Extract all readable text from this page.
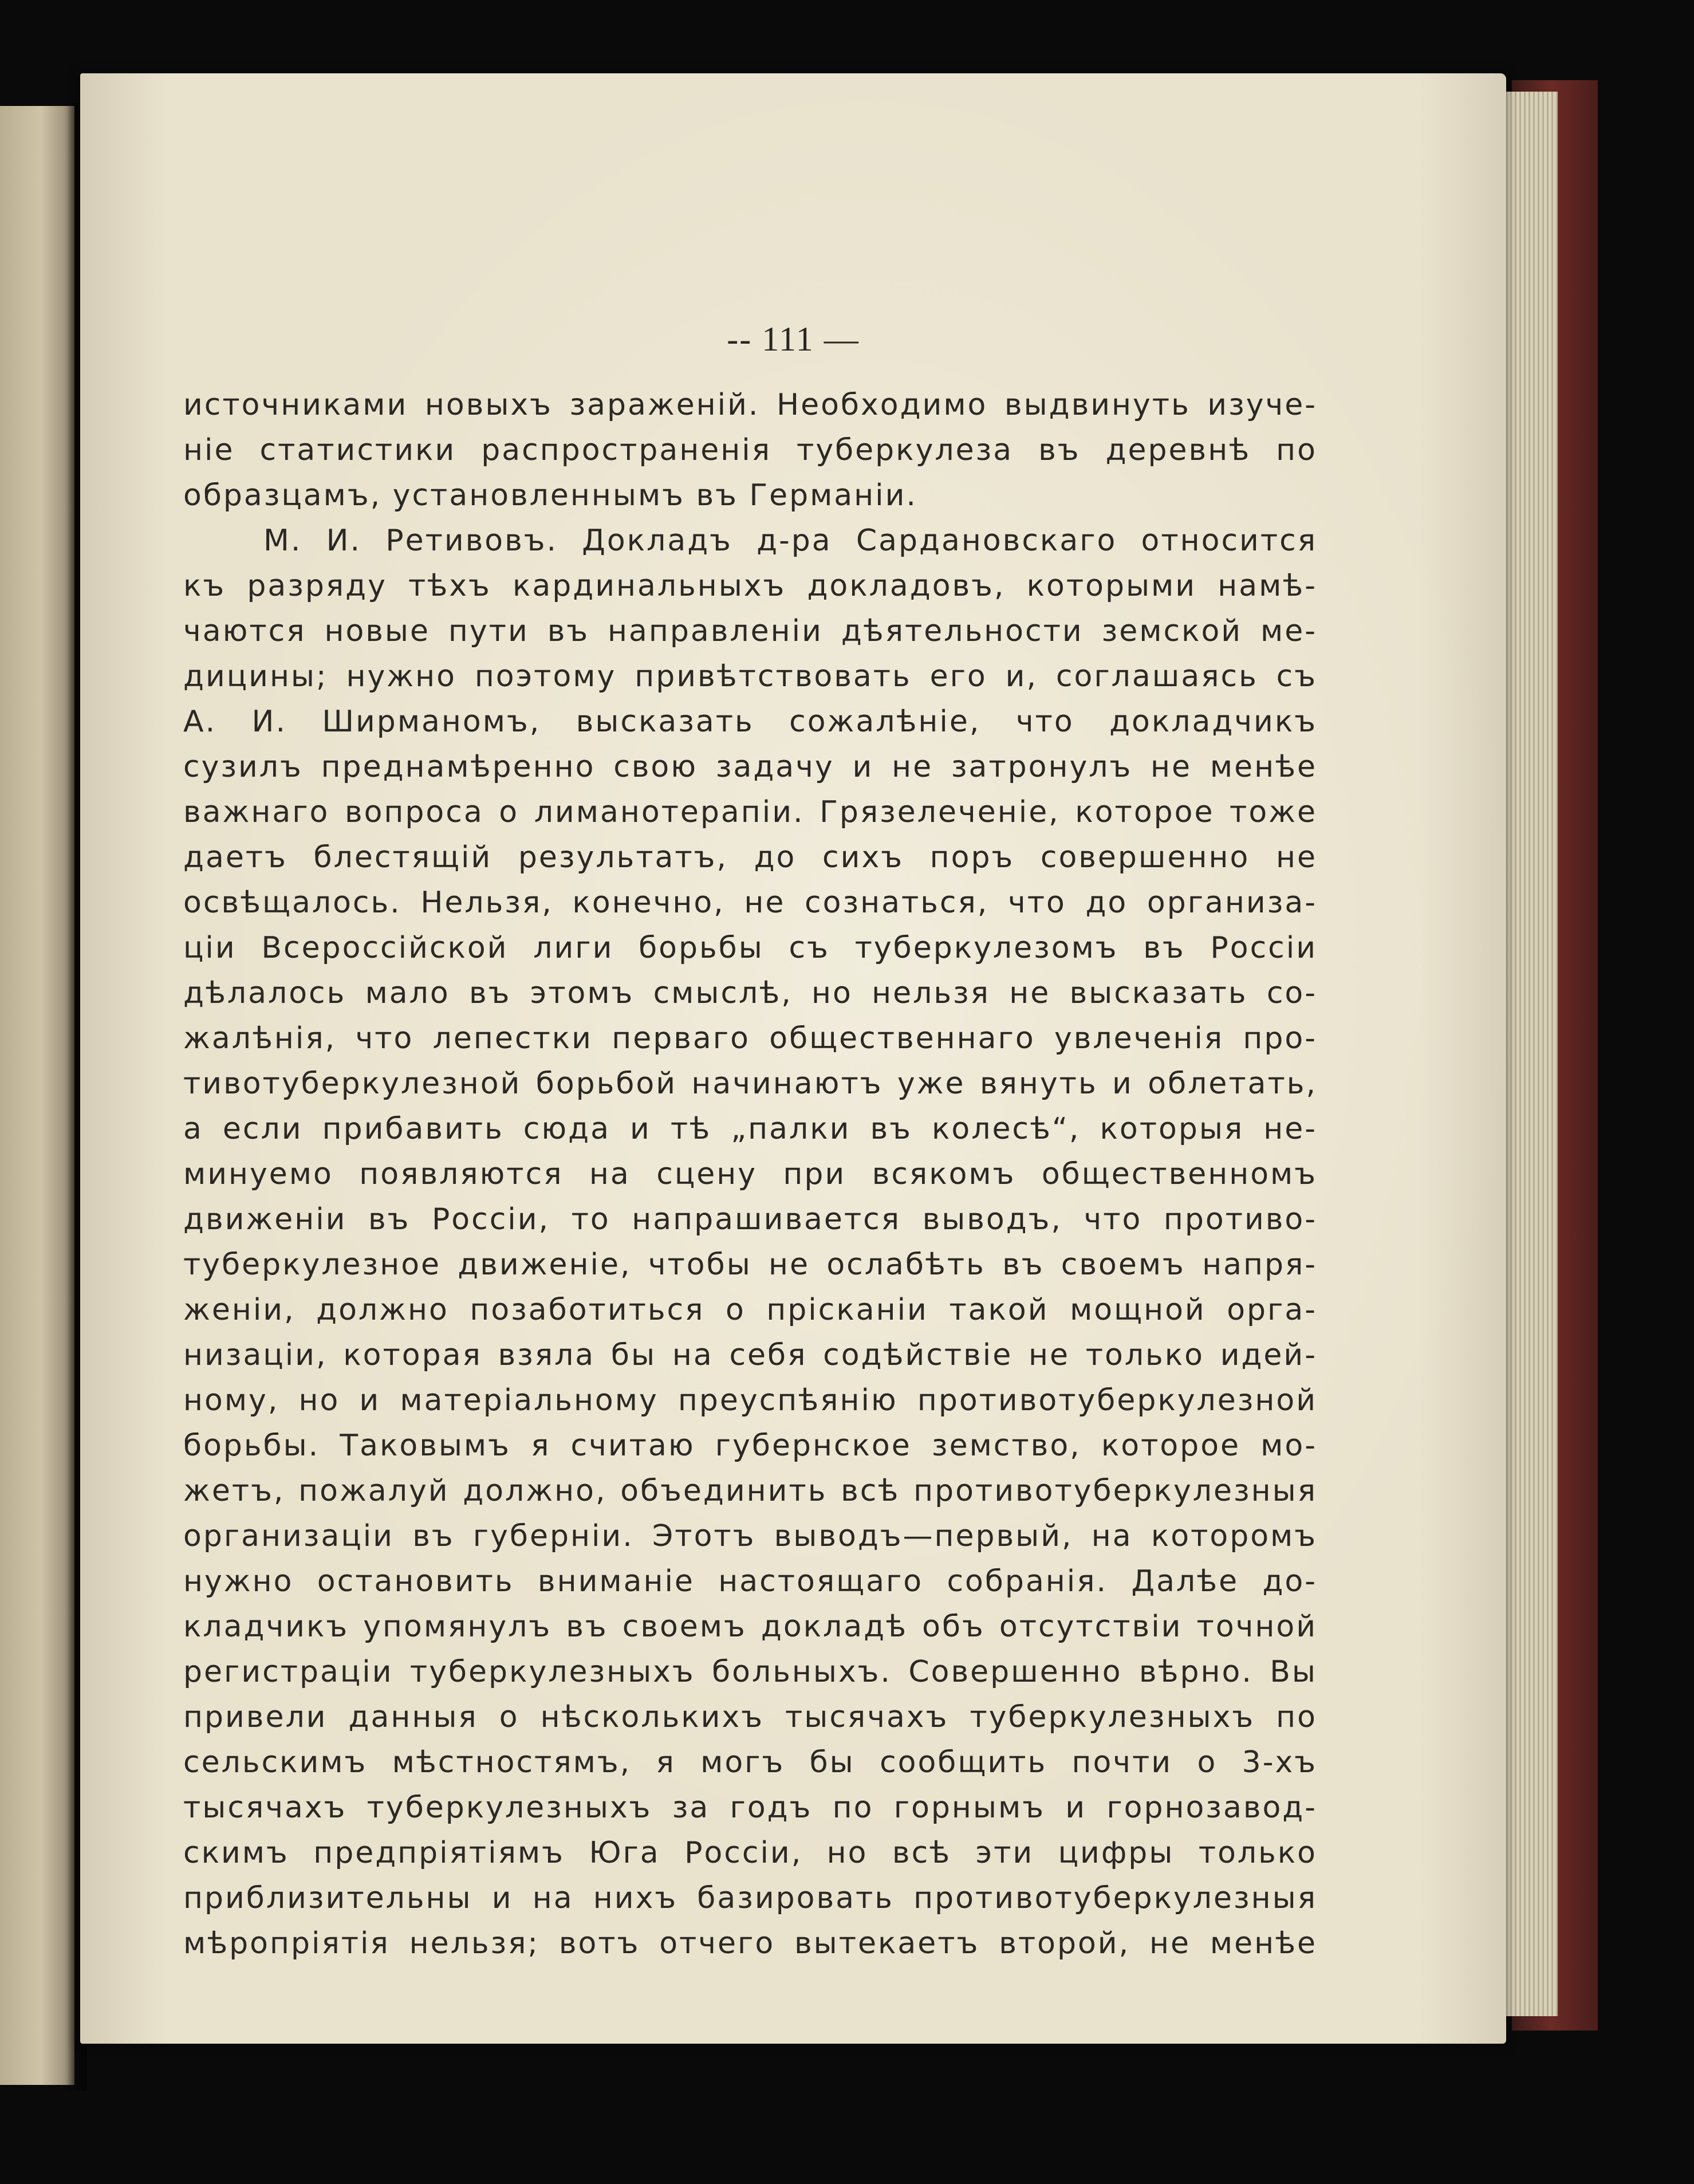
-- 111 —
источниками новыхъ зараженій. Необходимо выдвинуть изуче-
ніе статистики распространенія туберкулеза въ деревнѣ по
образцамъ, установленнымъ въ Германіи.
М. И. Ретивовъ. Докладъ д-ра Сардановскаго относится
къ разряду тѣхъ кардинальныхъ докладовъ, которыми намѣ-
чаются новые пути въ направленіи дѣятельности земской ме-
дицины; нужно поэтому привѣтствовать его и, соглашаясь съ
А. И. Ширманомъ, высказать сожалѣніе, что докладчикъ
сузилъ преднамѣренно свою задачу и не затронулъ не менѣе
важнаго вопроса о лиманотерапіи. Грязелеченіе, которое тоже
даетъ блестящій результатъ, до сихъ поръ совершенно не
освѣщалось. Нельзя, конечно, не сознаться, что до организа-
ціи Всероссійской лиги борьбы съ туберкулезомъ въ Россіи
дѣлалось мало въ этомъ смыслѣ, но нельзя не высказать со-
жалѣнія, что лепестки перваго общественнаго увлеченія про-
тивотуберкулезной борьбой начинаютъ уже вянуть и облетать,
а если прибавить сюда и тѣ „палки въ колесѣ“, которыя не-
минуемо появляются на сцену при всякомъ общественномъ
движеніи въ Россіи, то напрашивается выводъ, что противо-
туберкулезное движеніе, чтобы не ослабѣть въ своемъ напря-
женіи, должно позаботиться о прісканіи такой мощной орга-
низаціи, которая взяла бы на себя содѣйствіе не только идей-
ному, но и матеріальному преуспѣянію противотуберкулезной
борьбы. Таковымъ я считаю губернское земство, которое мо-
жетъ, пожалуй должно, объединить всѣ противотуберкулезныя
организаціи въ губерніи. Этотъ выводъ—первый, на которомъ
нужно остановить вниманіе настоящаго собранія. Далѣе до-
кладчикъ упомянулъ въ своемъ докладѣ объ отсутствіи точной
регистраціи туберкулезныхъ больныхъ. Совершенно вѣрно. Вы
привели данныя о нѣсколькихъ тысячахъ туберкулезныхъ по
сельскимъ мѣстностямъ, я могъ бы сообщить почти о 3-хъ
тысячахъ туберкулезныхъ за годъ по горнымъ и горнозавод-
скимъ предпріятіямъ Юга Россіи, но всѣ эти цифры только
приблизительны и на нихъ базировать противотуберкулезныя
мѣропріятія нельзя; вотъ отчего вытекаетъ второй, не менѣе
